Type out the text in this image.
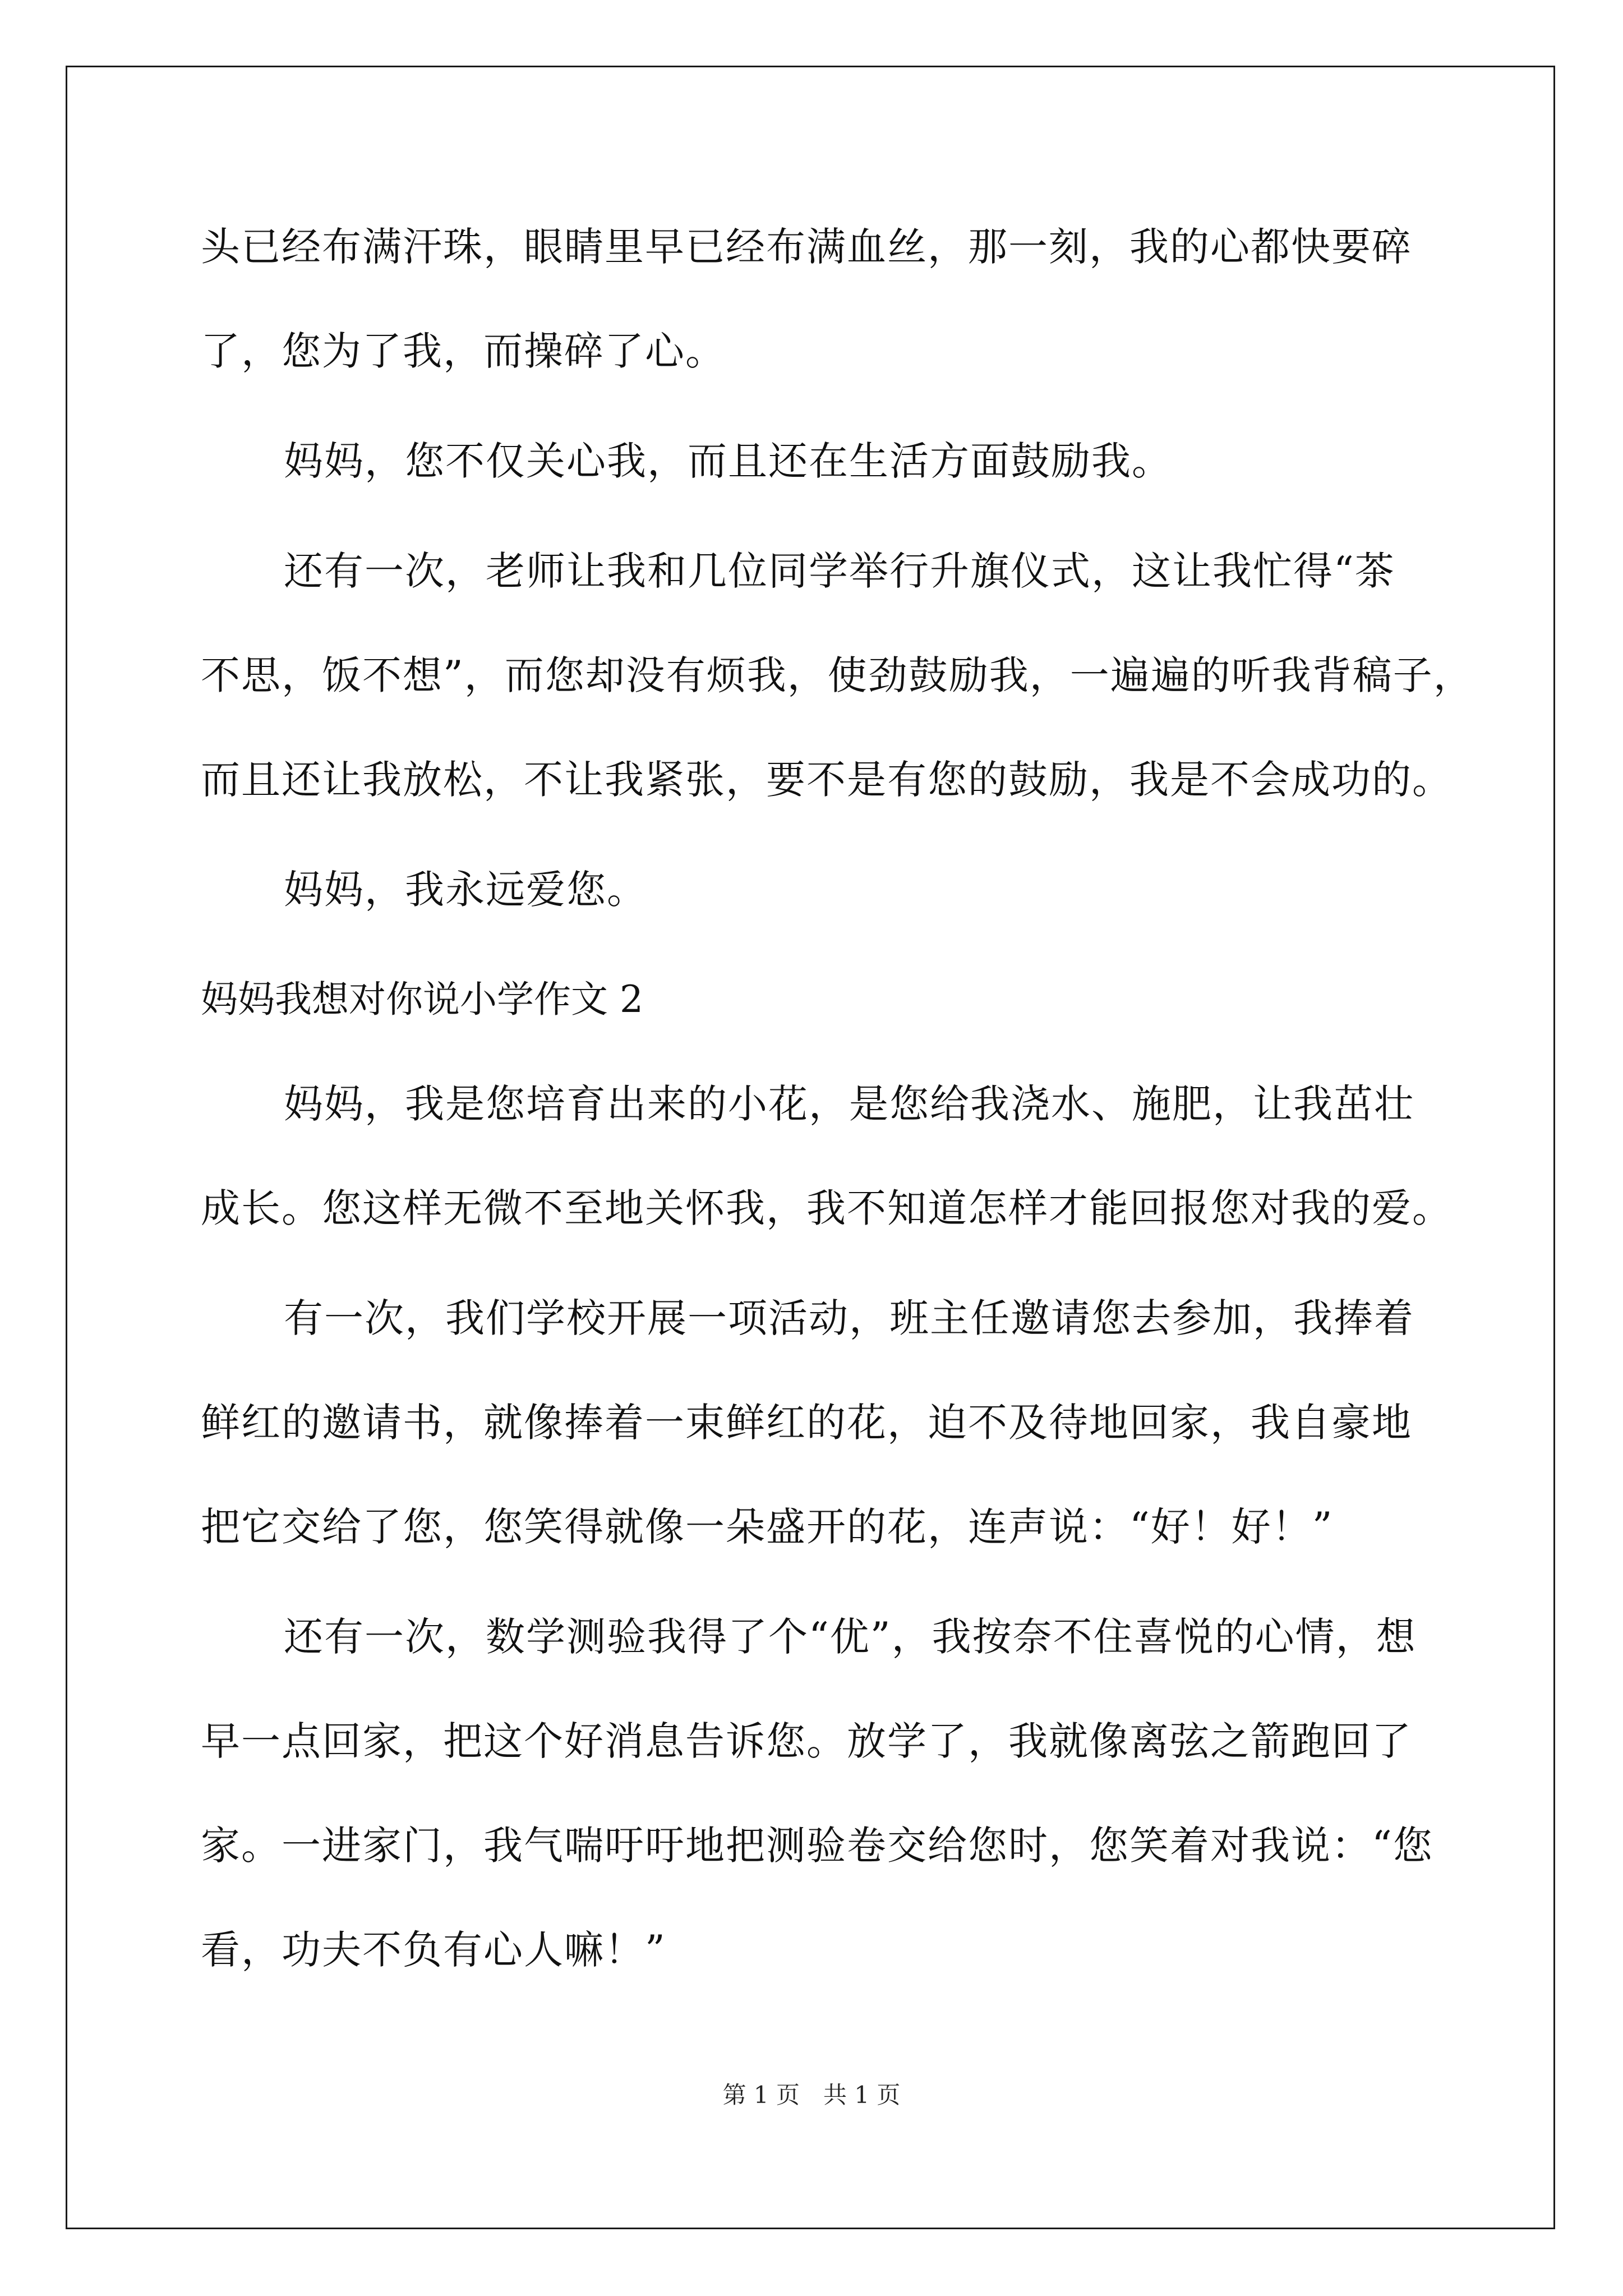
头已经布满汗珠，眼睛里早已经布满血丝，那一刻，我的心都快要碎
了，您为了我，而操碎了心。
妈妈，您不仅关心我，而且还在生活方面鼓励我。
还有一次，老师让我和几位同学举行升旗仪式，这让我忙得“茶
不思，饭不想”，而您却没有烦我，使劲鼓励我，一遍遍的听我背稿子，
而且还让我放松，不让我紧张，要不是有您的鼓励，我是不会成功的。
妈妈，我永远爱您。
妈妈我想对你说小学作文 2
妈妈，我是您培育出来的小花，是您给我浇水、施肥，让我茁壮
成长。您这样无微不至地关怀我，我不知道怎样才能回报您对我的爱。
有一次，我们学校开展一项活动，班主任邀请您去参加，我捧着
鲜红的邀请书，就像捧着一束鲜红的花，迫不及待地回家，我自豪地
把它交给了您，您笑得就像一朵盛开的花，连声说：“好！好！”
还有一次，数学测验我得了个“优”，我按奈不住喜悦的心情，想
早一点回家，把这个好消息告诉您。放学了，我就像离弦之箭跑回了
家。一进家门，我气喘吁吁地把测验卷交给您时，您笑着对我说：“您
看，功夫不负有心人嘛！”
第 1 页　共 1 页
